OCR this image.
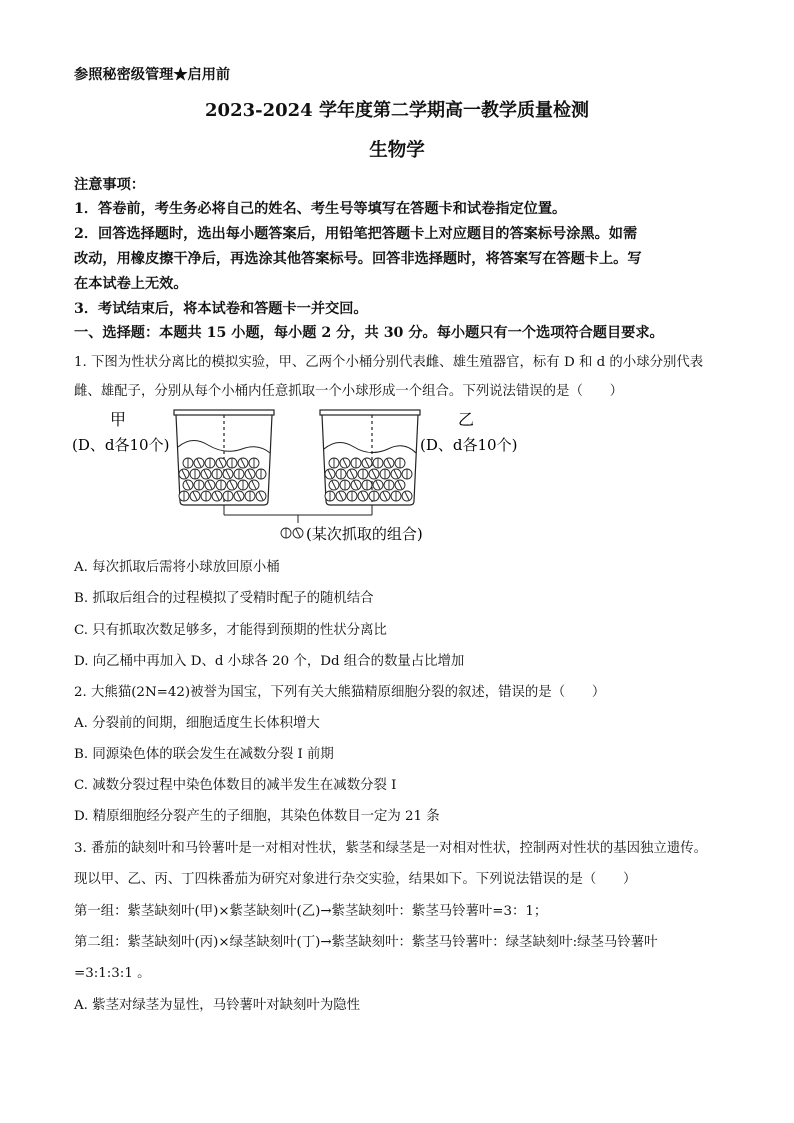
参照秘密级管理★启用前
2023-2024 学年度第二学期高一教学质量检测
生物学
注意事项：
1．答卷前，考生务必将自己的姓名、考生号等填写在答题卡和试卷指定位置。
2．回答选择题时，选出每小题答案后，用铅笔把答题卡上对应题目的答案标号涂黑。如需
改动，用橡皮擦干净后，再选涂其他答案标号。回答非选择题时，将答案写在答题卡上。写
在本试卷上无效。
3．考试结束后，将本试卷和答题卡一并交回。
一、选择题：本题共 15 小题，每小题 2 分，共 30 分。每小题只有一个选项符合题目要求。
1. 下图为性状分离比的模拟实验，甲、乙两个小桶分别代表雌、雄生殖器官，标有 D 和 d 的小球分别代表
雌、雄配子，分别从每个小桶内任意抓取一个小球形成一个组合。下列说法错误的是（　　）
甲
(D、d各10个)
乙
(D、d各10个)
(某次抓取的组合)
A. 每次抓取后需将小球放回原小桶
B. 抓取后组合的过程模拟了受精时配子的随机结合
C. 只有抓取次数足够多，才能得到预期的性状分离比
D. 向乙桶中再加入 D、d 小球各 20 个，Dd 组合的数量占比增加
2. 大熊猫(2N=42)被誉为国宝，下列有关大熊猫精原细胞分裂的叙述，错误的是（　　）
A. 分裂前的间期，细胞适度生长体积增大
B. 同源染色体的联会发生在减数分裂 I 前期
C. 减数分裂过程中染色体数目的减半发生在减数分裂 I
D. 精原细胞经分裂产生的子细胞，其染色体数目一定为 21 条
3. 番茄的缺刻叶和马铃薯叶是一对相对性状，紫茎和绿茎是一对相对性状，控制两对性状的基因独立遗传。
现以甲、乙、丙、丁四株番茄为研究对象进行杂交实验，结果如下。下列说法错误的是（　　）
第一组：紫茎缺刻叶(甲)×紫茎缺刻叶(乙)→紫茎缺刻叶：紫茎马铃薯叶=3：1；
第二组：紫茎缺刻叶(丙)×绿茎缺刻叶(丁)→紫茎缺刻叶：紫茎马铃薯叶：绿茎缺刻叶:绿茎马铃薯叶
=3:1:3:1 。
A. 紫茎对绿茎为显性，马铃薯叶对缺刻叶为隐性
